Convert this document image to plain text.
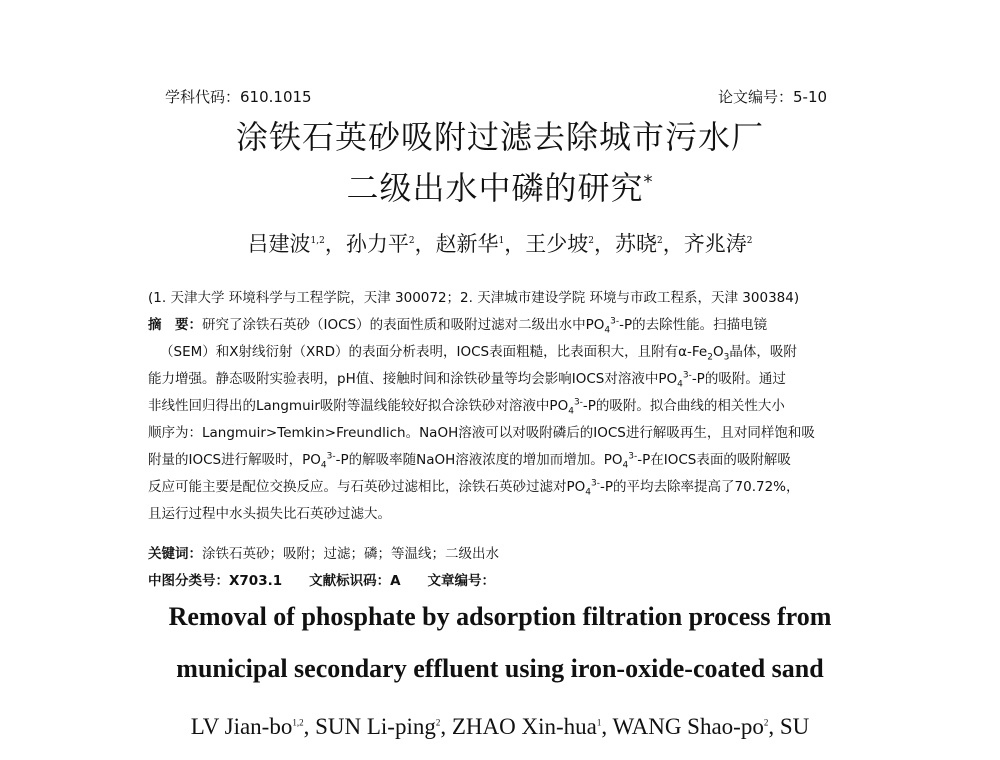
学科代码：610.1015	论文编号：5-10
涂铁石英砂吸附过滤去除城市污水厂
二级出水中磷的研究*
吕建波$^{1,2}$，孙力平$^2$，赵新华$^1$，王少坡$^2$，苏晓$^2$，齐兆涛$^2$
(1. 天津大学 环境科学与工程学院，天津 300072；2. 天津城市建设学院 环境与市政工程系，天津 300384)
摘　要：研究了涂铁石英砂（IOCS）的表面性质和吸附过滤对二级出水中$PO_4^{3-}-P$的去除性能。扫描电镜
（SEM）和X射线衍射（XRD）的表面分析表明，IOCS表面粗糙，比表面积大，且附有$\alpha-Fe_2O_3$晶体，吸附
能力增强。静态吸附实验表明，pH值、接触时间和涂铁砂量等均会影响IOCS对溶液中$PO_4^{3-}-P$的吸附。通过
非线性回归得出的Langmuir吸附等温线能较好拟合涂铁砂对溶液中$PO_4^{3-}-P$的吸附。拟合曲线的相关性大小
顺序为：Langmuir>Temkin>Freundlich。NaOH溶液可以对吸附磷后的IOCS进行解吸再生，且对同样饱和吸
附量的IOCS进行解吸时，$PO_4^{3-}-P$的解吸率随NaOH溶液浓度的增加而增加。$PO_4^{3-}-P$在IOCS表面的吸附解吸
反应可能主要是配位交换反应。与石英砂过滤相比，涂铁石英砂过滤对$PO_4^{3-}-P$的平均去除率提高了70.72%，
且运行过程中水头损失比石英砂过滤大。
关键词：涂铁石英砂；吸附；过滤；磷；等温线；二级出水
中图分类号：X703.1　　文献标识码：A　　文章编号：
Removal of phosphate by adsorption filtration process from
municipal secondary effluent using iron-oxide-coated sand
LV Jian-bo$^{1,2}$, SUN Li-ping$^2$, ZHAO Xin-hua$^1$, WANG Shao-$po^2$, SU
